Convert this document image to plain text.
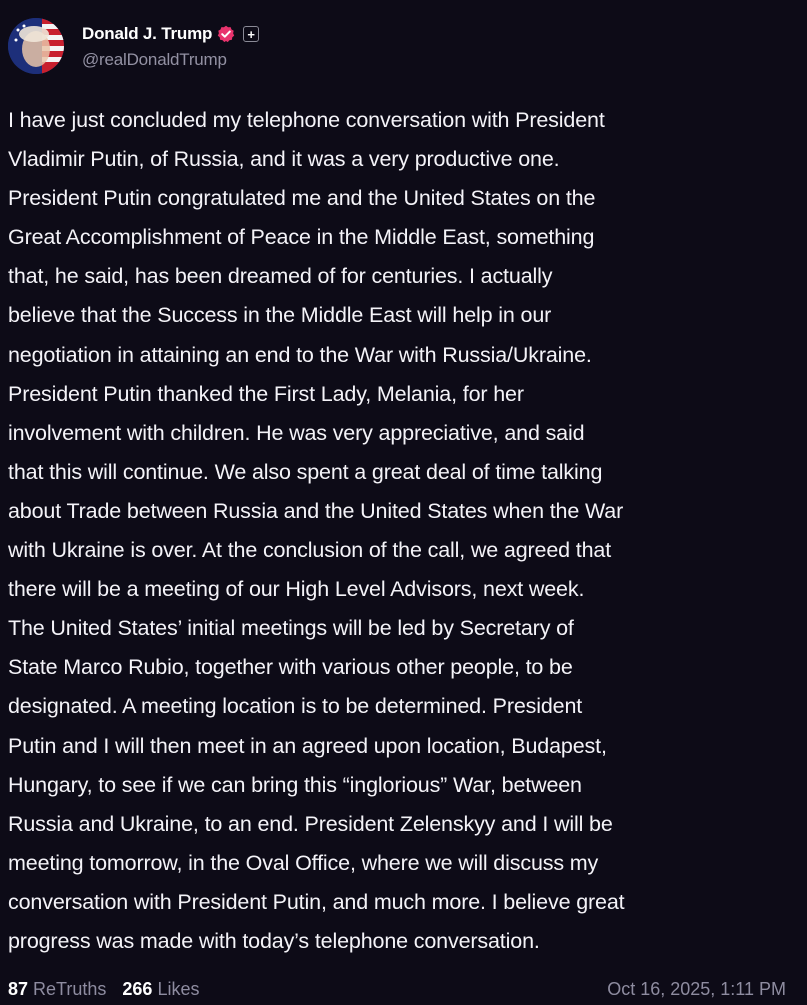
Donald J. Trump	+
@realDonaldTrump

I have just concluded my telephone conversation with President
Vladimir Putin, of Russia, and it was a very productive one.
President Putin congratulated me and the United States on the
Great Accomplishment of Peace in the Middle East, something
that, he said, has been dreamed of for centuries. I actually
believe that the Success in the Middle East will help in our
negotiation in attaining an end to the War with Russia/Ukraine.
President Putin thanked the First Lady, Melania, for her
involvement with children. He was very appreciative, and said
that this will continue. We also spent a great deal of time talking
about Trade between Russia and the United States when the War
with Ukraine is over. At the conclusion of the call, we agreed that
there will be a meeting of our High Level Advisors, next week.
The United States’ initial meetings will be led by Secretary of
State Marco Rubio, together with various other people, to be
designated. A meeting location is to be determined. President
Putin and I will then meet in an agreed upon location, Budapest,
Hungary, to see if we can bring this “inglorious” War, between
Russia and Ukraine, to an end. President Zelenskyy and I will be
meeting tomorrow, in the Oval Office, where we will discuss my
conversation with President Putin, and much more. I believe great
progress was made with today’s telephone conversation.

87 ReTruths 266 Likes	Oct 16, 2025, 1:11 PM
